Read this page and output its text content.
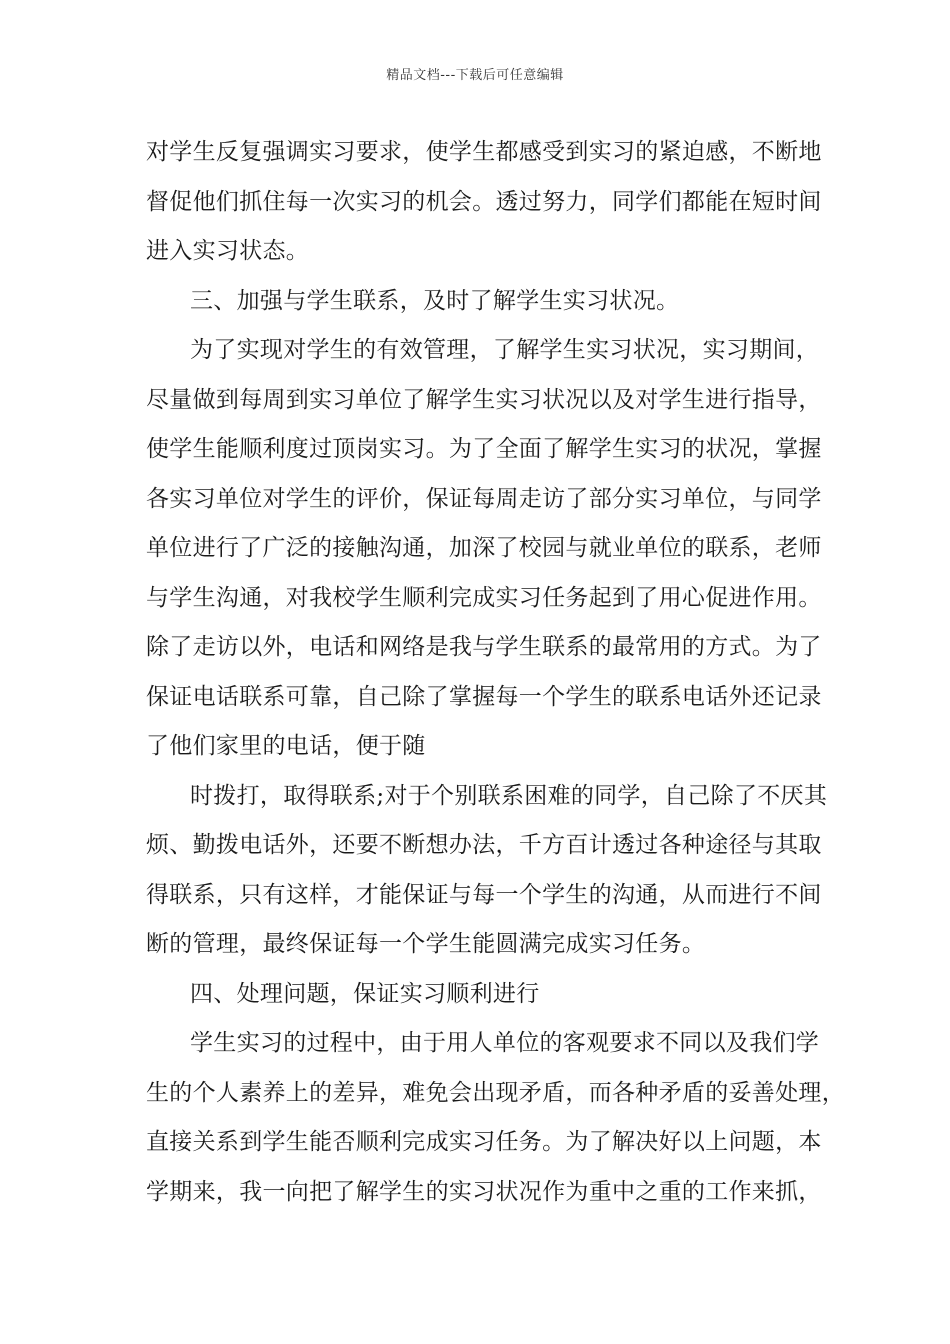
精品文档---下载后可任意编辑
对学生反复强调实习要求，使学生都感受到实习的紧迫感，不断地
督促他们抓住每一次实习的机会。透过努力，同学们都能在短时间
进入实习状态。
三、加强与学生联系，及时了解学生实习状况。
为了实现对学生的有效管理，了解学生实习状况，实习期间，
尽量做到每周到实习单位了解学生实习状况以及对学生进行指导，
使学生能顺利度过顶岗实习。为了全面了解学生实习的状况，掌握
各实习单位对学生的评价，保证每周走访了部分实习单位，与同学
单位进行了广泛的接触沟通，加深了校园与就业单位的联系，老师
与学生沟通，对我校学生顺利完成实习任务起到了用心促进作用。
除了走访以外，电话和网络是我与学生联系的最常用的方式。为了
保证电话联系可靠，自己除了掌握每一个学生的联系电话外还记录
了他们家里的电话，便于随
时拨打，取得联系;对于个别联系困难的同学，自己除了不厌其
烦、勤拨电话外，还要不断想办法，千方百计透过各种途径与其取
得联系，只有这样，才能保证与每一个学生的沟通，从而进行不间
断的管理，最终保证每一个学生能圆满完成实习任务。
四、处理问题，保证实习顺利进行
学生实习的过程中，由于用人单位的客观要求不同以及我们学
生的个人素养上的差异，难免会出现矛盾，而各种矛盾的妥善处理，
直接关系到学生能否顺利完成实习任务。为了解决好以上问题，本
学期来，我一向把了解学生的实习状况作为重中之重的工作来抓，
